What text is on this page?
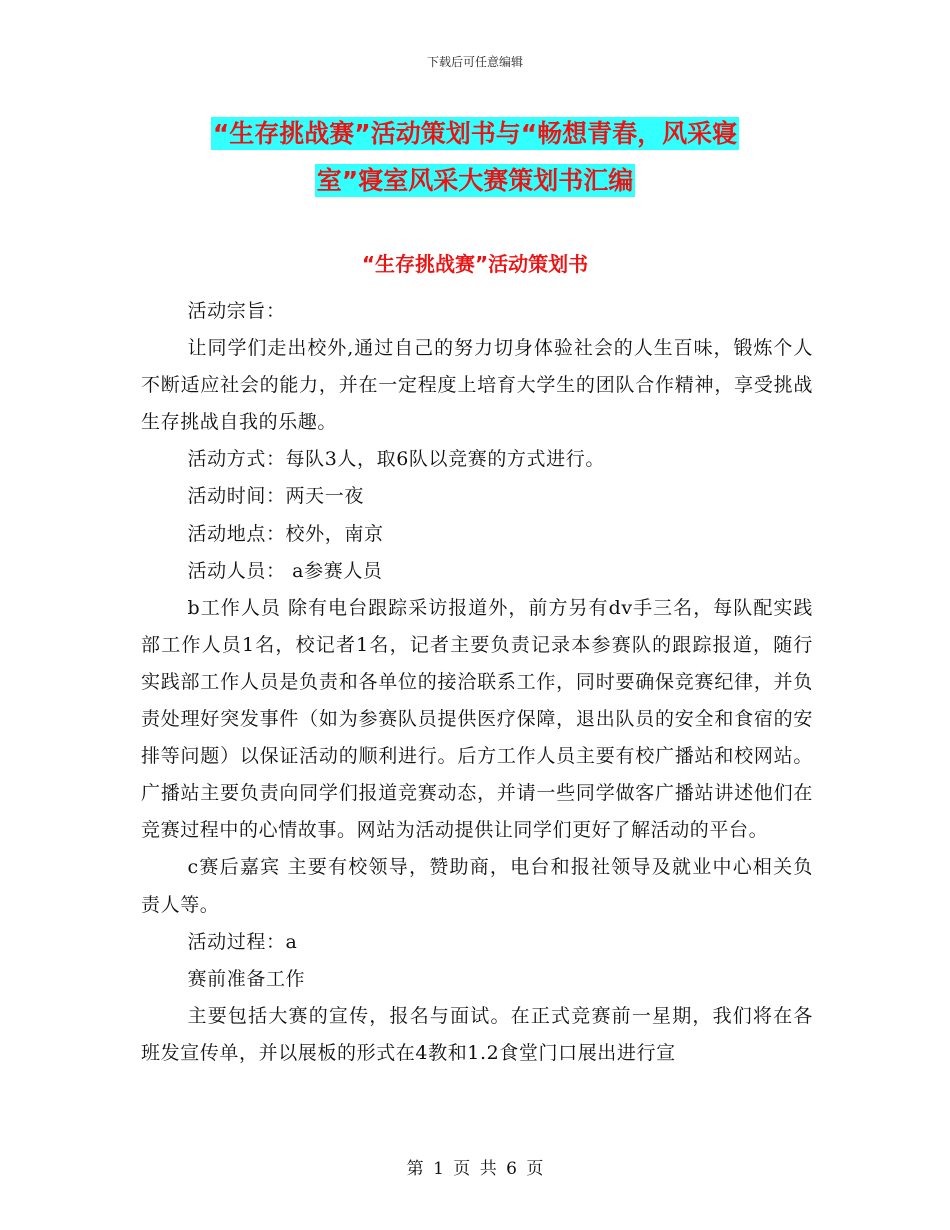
下载后可任意编辑
“生存挑战赛”活动策划书与“畅想青春，风采寝
室”寝室风采大赛策划书汇编
“生存挑战赛”活动策划书

活动宗旨：

让同学们走出校外,通过自己的努力切身体验社会的人生百味，锻炼个人不断适应社会的能力，并在一定程度上培育大学生的团队合作精神，享受挑战生存挑战自我的乐趣。

活动方式：每队3人，取6队以竞赛的方式进行。

活动时间：两天一夜

活动地点：校外，南京

活动人员： a参赛人员

b工作人员 除有电台跟踪采访报道外，前方另有dv手三名，每队配实践部工作人员1名，校记者1名，记者主要负责记录本参赛队的跟踪报道，随行实践部工作人员是负责和各单位的接洽联系工作，同时要确保竞赛纪律，并负责处理好突发事件（如为参赛队员提供医疗保障，退出队员的安全和食宿的安排等问题）以保证活动的顺利进行。后方工作人员主要有校广播站和校网站。广播站主要负责向同学们报道竞赛动态，并请一些同学做客广播站讲述他们在竞赛过程中的心情故事。网站为活动提供让同学们更好了解活动的平台。

c赛后嘉宾 主要有校领导，赞助商，电台和报社领导及就业中心相关负责人等。

活动过程：a

赛前准备工作

主要包括大赛的宣传，报名与面试。在正式竞赛前一星期，我们将在各班发宣传单，并以展板的形式在4教和1.2食堂门口展出进行宣

第 1 页 共 6 页
